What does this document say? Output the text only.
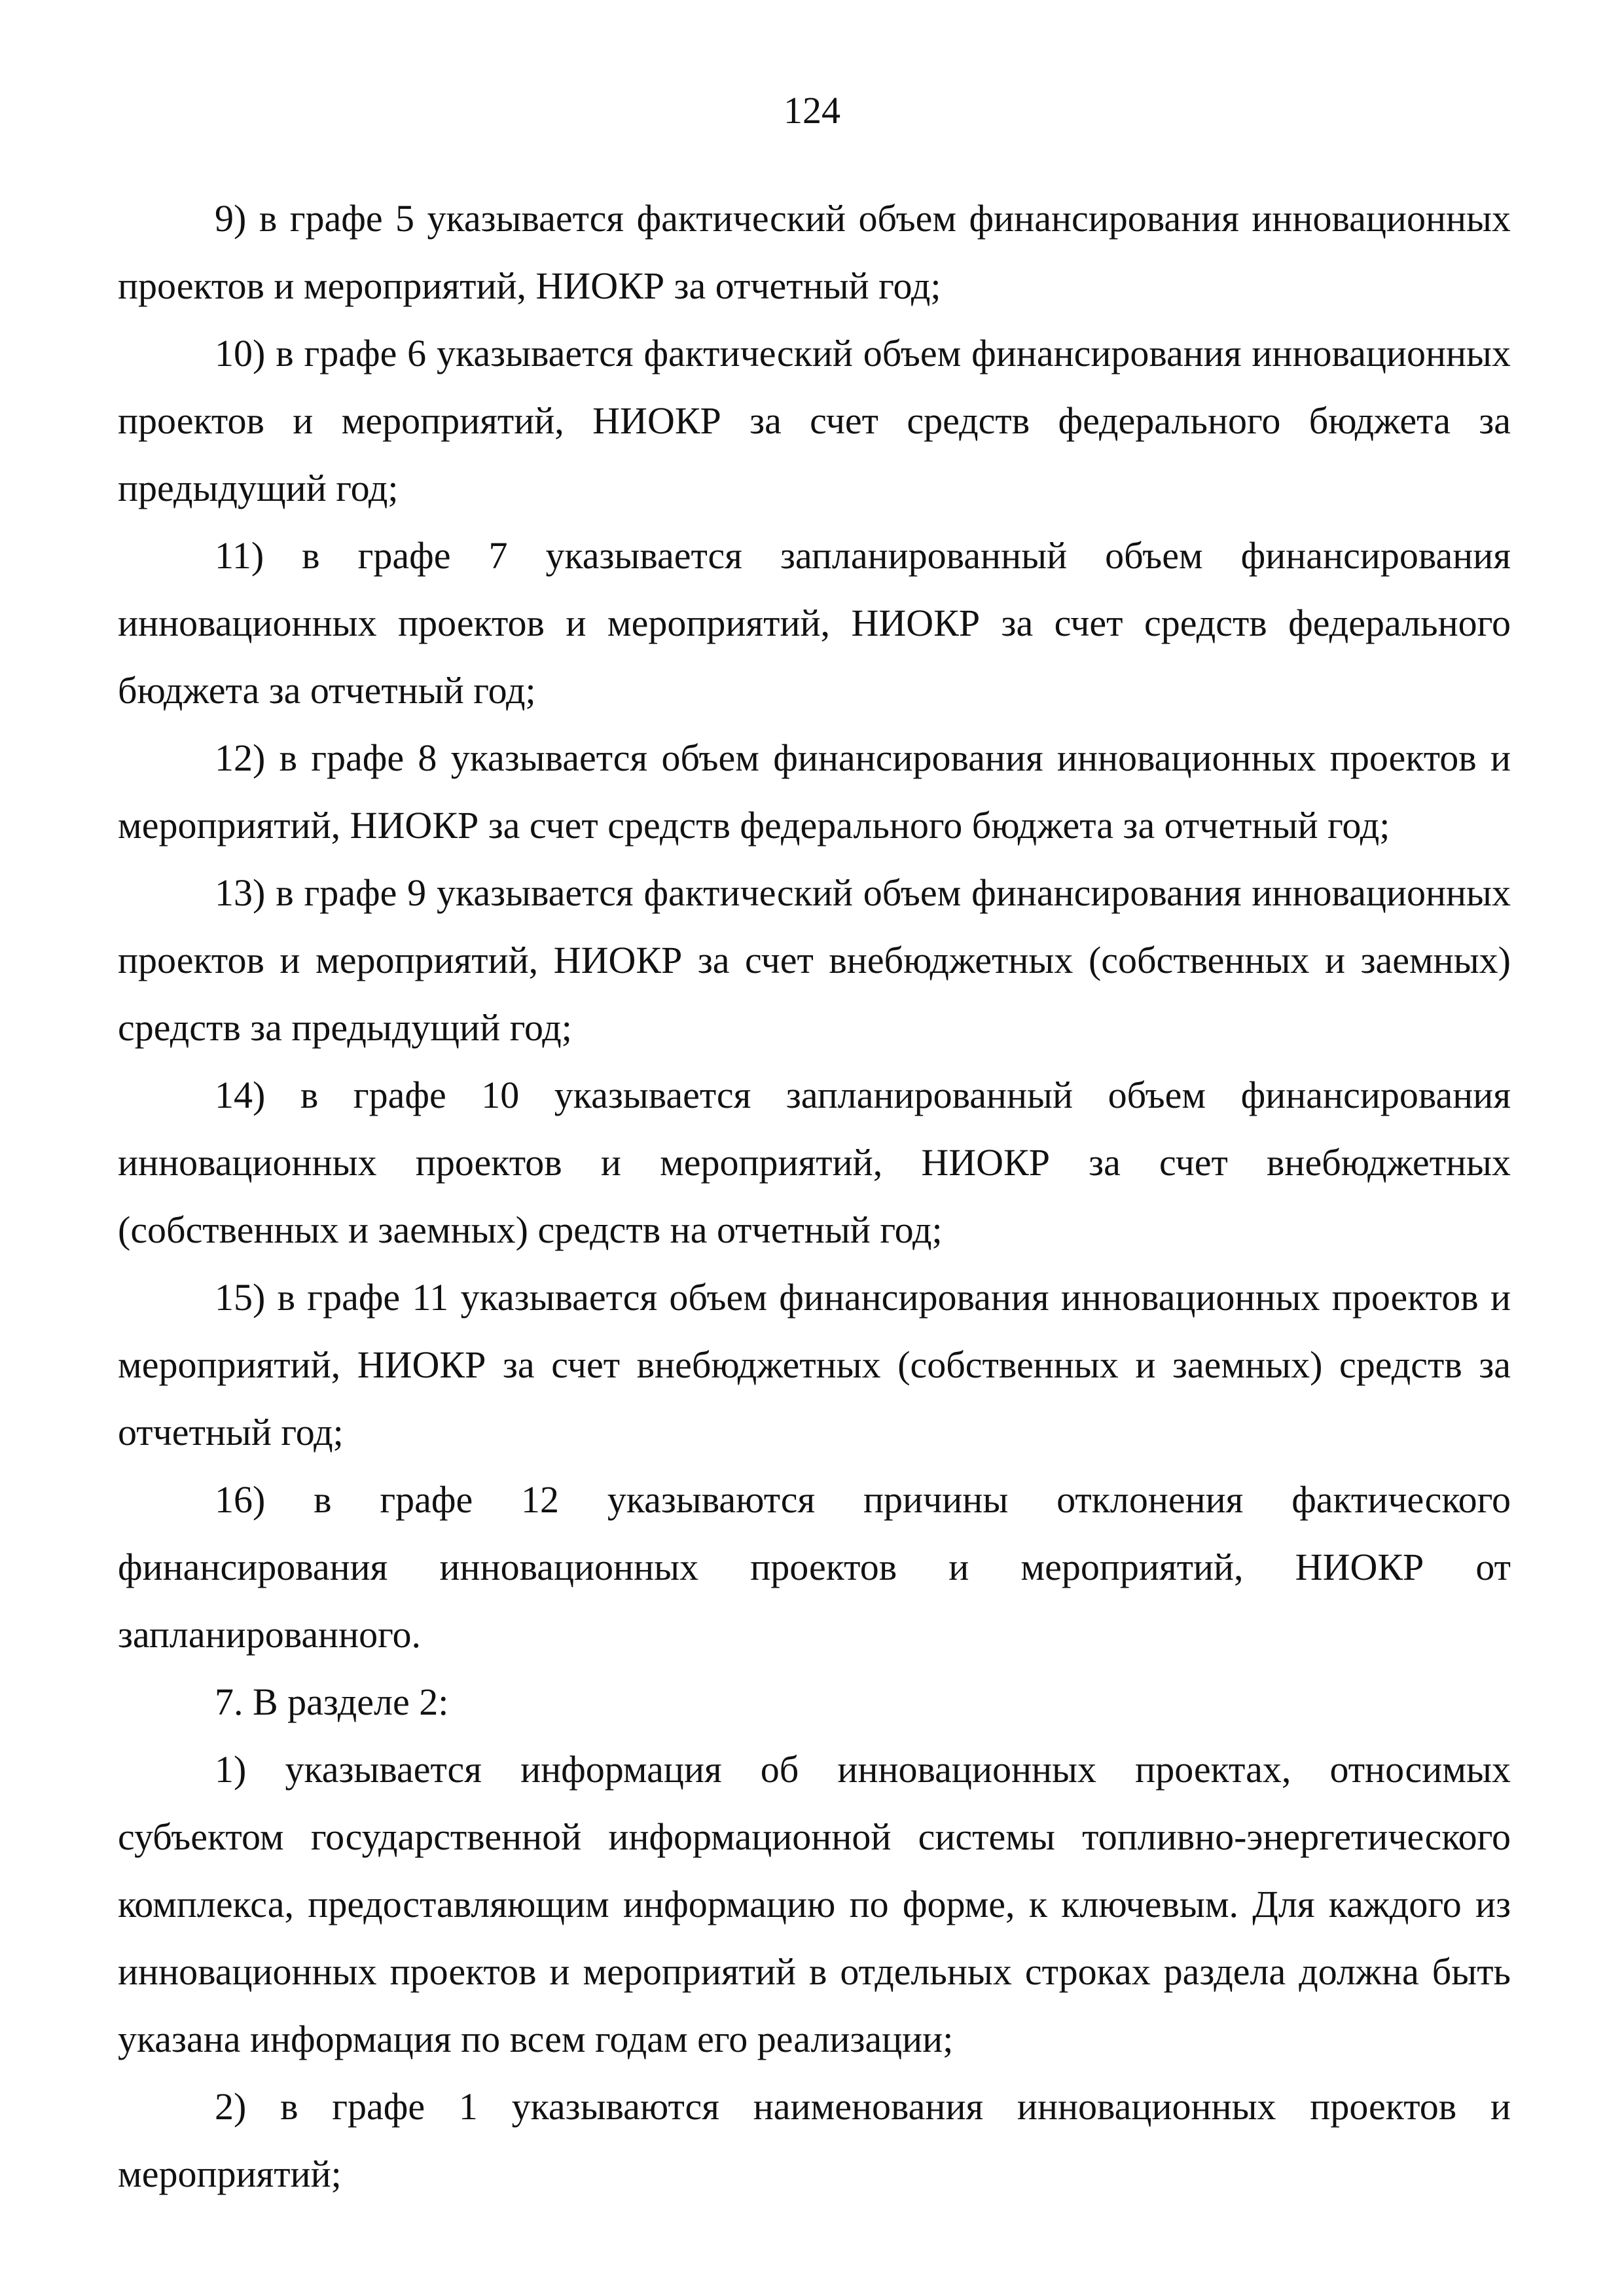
124

9) в графе 5 указывается фактический объем финансирования инновационных проектов и мероприятий, НИОКР за отчетный год;

10) в графе 6 указывается фактический объем финансирования инновационных проектов и мероприятий, НИОКР за счет средств федерального бюджета за предыдущий год;

11) в графе 7 указывается запланированный объем финансирования инновационных проектов и мероприятий, НИОКР за счет средств федерального бюджета за отчетный год;

12) в графе 8 указывается объем финансирования инновационных проектов и мероприятий, НИОКР за счет средств федерального бюджета за отчетный год;

13) в графе 9 указывается фактический объем финансирования инновационных проектов и мероприятий, НИОКР за счет внебюджетных (собственных и заемных) средств за предыдущий год;

14) в графе 10 указывается запланированный объем финансирования инновационных проектов и мероприятий, НИОКР за счет внебюджетных (собственных и заемных) средств на отчетный год;

15) в графе 11 указывается объем финансирования инновационных проектов и мероприятий, НИОКР за счет внебюджетных (собственных и заемных) средств за отчетный год;

16) в графе 12 указываются причины отклонения фактического финансирования инновационных проектов и мероприятий, НИОКР от запланированного.

7. В разделе 2:

1) указывается информация об инновационных проектах, относимых субъектом государственной информационной системы топливно-энергетического комплекса, предоставляющим информацию по форме, к ключевым. Для каждого из инновационных проектов и мероприятий в отдельных строках раздела должна быть указана информация по всем годам его реализации;

2) в графе 1 указываются наименования инновационных проектов и мероприятий;
